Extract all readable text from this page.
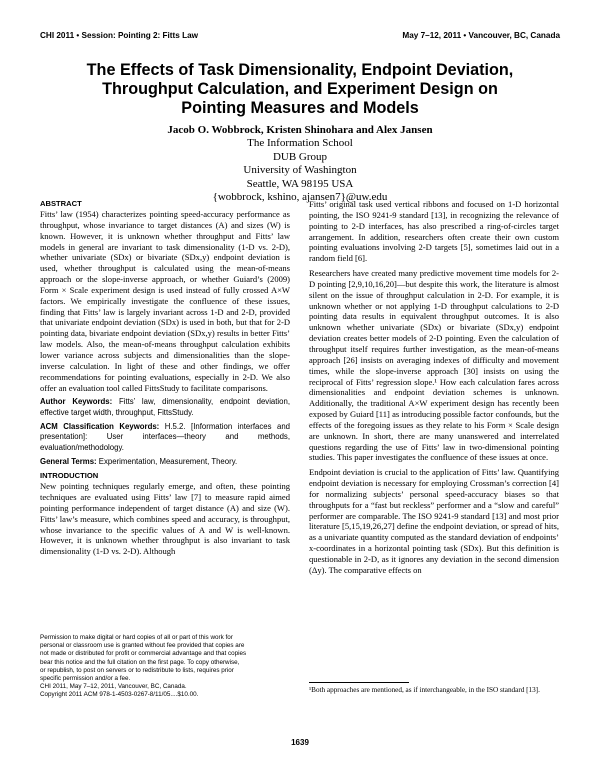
CHI 2011 • Session: Pointing 2: Fitts Law	May 7–12, 2011 • Vancouver, BC, Canada
The Effects of Task Dimensionality, Endpoint Deviation,
Throughput Calculation, and Experiment Design on
Pointing Measures and Models
Jacob O. Wobbrock, Kristen Shinohara and Alex Jansen
The Information School
DUB Group
University of Washington
Seattle, WA 98195 USA
{wobbrock, kshino, ajansen7}@uw.edu
ABSTRACT

Fitts’ law (1954) characterizes pointing speed-accuracy performance as throughput, whose invariance to target distances (A) and sizes (W) is known. However, it is unknown whether throughput and Fitts’ law models in general are invariant to task dimensionality (1-D vs. 2-D), whether univariate (SDx) or bivariate (SDx,y) endpoint deviation is used, whether throughput is calculated using the mean-of-means approach or the slope-inverse approach, or whether Guiard’s (2009) Form × Scale experiment design is used instead of fully crossed A×W factors. We empirically investigate the confluence of these issues, finding that Fitts’ law is largely invariant across 1-D and 2-D, provided that univariate endpoint deviation (SDx) is used in both, but that for 2-D pointing data, bivariate endpoint deviation (SDx,y) results in better Fitts’ law models. Also, the mean-of-means throughput calculation exhibits lower variance across subjects and dimensionalities than the slope-inverse calculation. In light of these and other findings, we offer recommendations for pointing evaluations, especially in 2-D. We also offer an evaluation tool called FittsStudy to facilitate comparisons.

Author Keywords: Fitts’ law, dimensionality, endpoint deviation, effective target width, throughput, FittsStudy.

ACM Classification Keywords: H.5.2. [Information interfaces and presentation]: User interfaces—theory and methods, evaluation/methodology.

General Terms: Experimentation, Measurement, Theory.

INTRODUCTION

New pointing techniques regularly emerge, and often, these pointing techniques are evaluated using Fitts’ law [7] to measure rapid aimed pointing performance independent of target distance (A) and size (W). Fitts’ law’s measure, which combines speed and accuracy, is throughput, whose invariance to the specific values of A and W is well-known. However, it is unknown whether throughput is also invariant to task dimensionality (1-D vs. 2-D). Although

Permission to make digital or hard copies of all or part of this work for
personal or classroom use is granted without fee provided that copies are
not made or distributed for profit or commercial advantage and that copies
bear this notice and the full citation on the first page. To copy otherwise,
or republish, to post on servers or to redistribute to lists, requires prior
specific permission and/or a fee.
CHI 2011, May 7–12, 2011, Vancouver, BC, Canada.
Copyright 2011 ACM 978-1-4503-0267-8/11/05....$10.00.

Fitts’ original task used vertical ribbons and focused on 1-D horizontal pointing, the ISO 9241-9 standard [13], in recognizing the relevance of pointing to 2-D interfaces, has also prescribed a ring-of-circles target arrangement. In addition, researchers often create their own custom pointing evaluations involving 2-D targets [5], sometimes laid out in a random field [6].

Researchers have created many predictive movement time models for 2-D pointing [2,9,10,16,20]—but despite this work, the literature is almost silent on the issue of throughput calculation in 2-D. For example, it is unknown whether or not applying 1-D throughput calculations to 2-D pointing data results in equivalent throughput outcomes. It is also unknown whether univariate (SDx) or bivariate (SDx,y) endpoint deviation creates better models of 2-D pointing. Even the calculation of throughput itself requires further investigation, as the mean-of-means approach [26] insists on averaging indexes of difficulty and movement times, while the slope-inverse approach [30] insists on using the reciprocal of Fitts’ regression slope.¹ How each calculation fares across dimensionalities and endpoint deviation schemes is unknown. Additionally, the traditional A×W experiment design has recently been exposed by Guiard [11] as introducing possible factor confounds, but the effects of the foregoing issues as they relate to his Form × Scale design are unknown. In short, there are many unanswered and interrelated questions regarding the use of Fitts’ law in two-dimensional pointing studies. This paper investigates the confluence of these issues at once.

Endpoint deviation is crucial to the application of Fitts’ law. Quantifying endpoint deviation is necessary for employing Crossman’s correction [4] for normalizing subjects’ personal speed-accuracy biases so that throughputs for a “fast but reckless” performer and a “slow and careful” performer are comparable. The ISO 9241-9 standard [13] and most prior literature [5,15,19,26,27] define the endpoint deviation, or spread of hits, as a univariate quantity computed as the standard deviation of endpoints’ x-coordinates in a horizontal pointing task (SDx). But this definition is questionable in 2-D, as it ignores any deviation in the second dimension (Δy). The comparative effects on

¹Both approaches are mentioned, as if interchangeable, in the ISO standard [13].
1639
